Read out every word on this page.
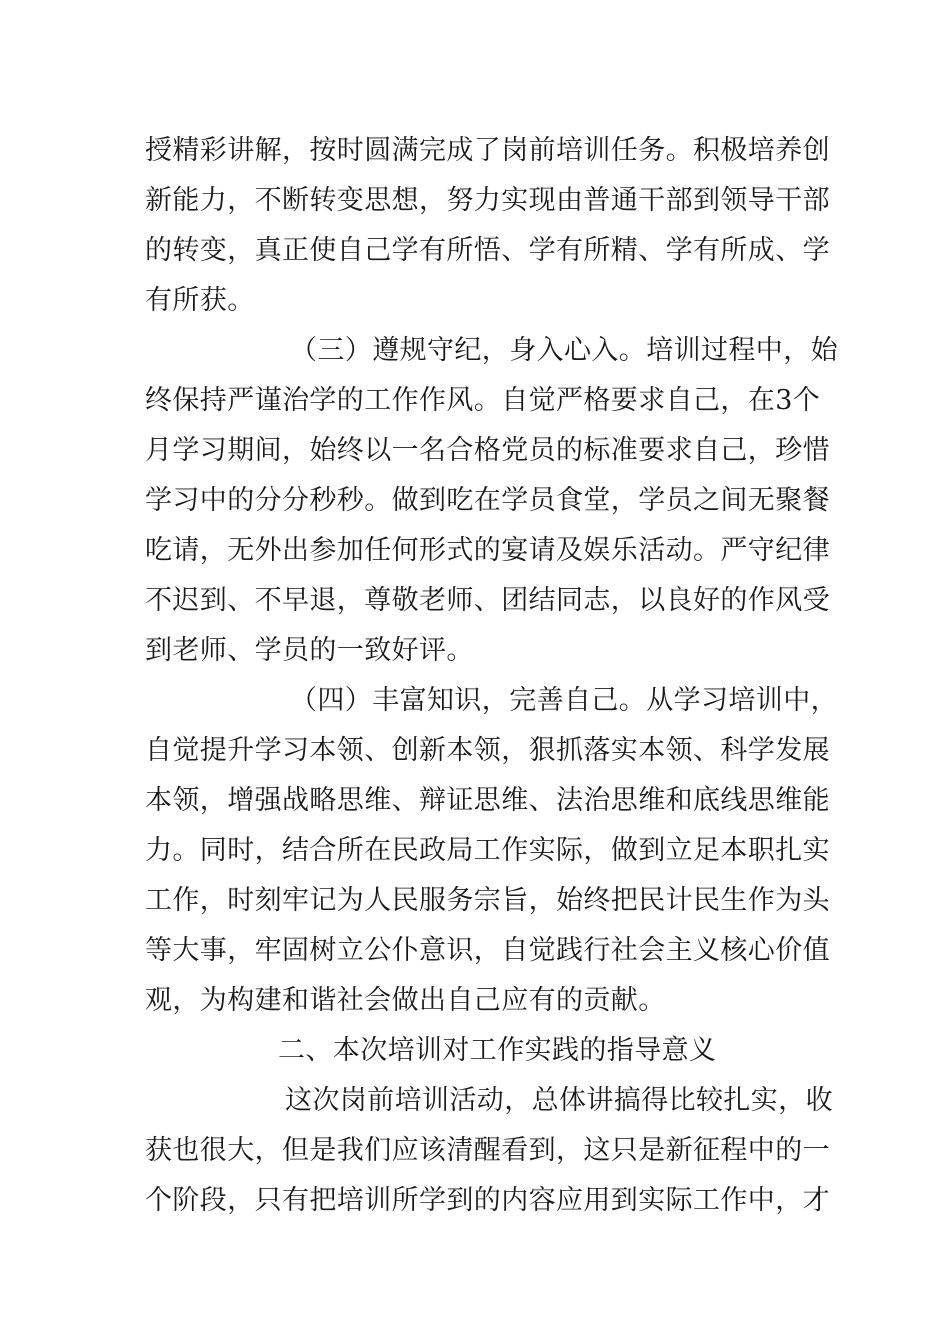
授精彩讲解，按时圆满完成了岗前培训任务。积极培养创
新能力，不断转变思想，努力实现由普通干部到领导干部
的转变，真正使自己学有所悟、学有所精、学有所成、学
有所获。
（三）遵规守纪，身入心入。培训过程中，始
终保持严谨治学的工作作风。自觉严格要求自己，在3个
月学习期间，始终以一名合格党员的标准要求自己，珍惜
学习中的分分秒秒。做到吃在学员食堂，学员之间无聚餐
吃请，无外出参加任何形式的宴请及娱乐活动。严守纪律
不迟到、不早退，尊敬老师、团结同志，以良好的作风受
到老师、学员的一致好评。
（四）丰富知识，完善自己。从学习培训中，
自觉提升学习本领、创新本领，狠抓落实本领、科学发展
本领，增强战略思维、辩证思维、法治思维和底线思维能
力。同时，结合所在民政局工作实际，做到立足本职扎实
工作，时刻牢记为人民服务宗旨，始终把民计民生作为头
等大事，牢固树立公仆意识，自觉践行社会主义核心价值
观，为构建和谐社会做出自己应有的贡献。
二、本次培训对工作实践的指导意义
这次岗前培训活动，总体讲搞得比较扎实，收
获也很大，但是我们应该清醒看到，这只是新征程中的一
个阶段，只有把培训所学到的内容应用到实际工作中，才
